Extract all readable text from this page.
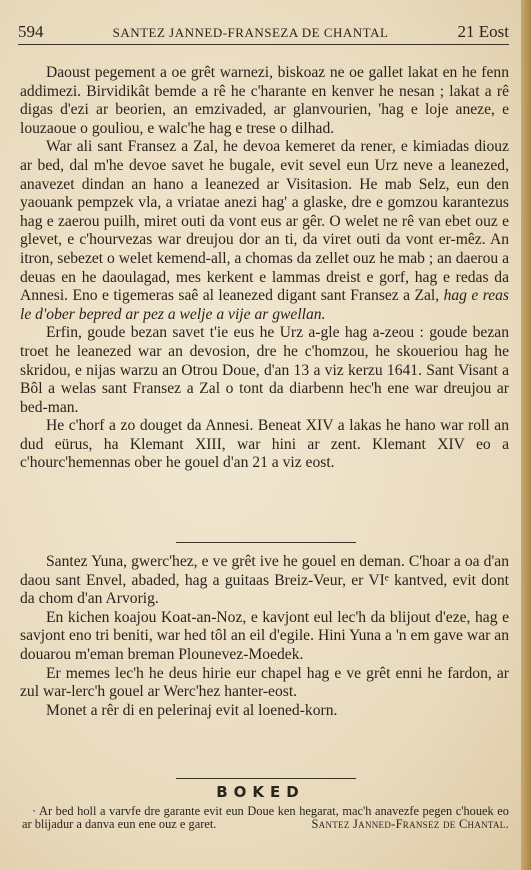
594	SANTEZ JANNED-FRANSEZA DE CHANTAL	21 Eost

Daoust pegement a oe grêt warnezi, biskoaz ne oe gallet lakat en he fenn addimezi. Birvidikât bemde a rê he c'harante en kenver he nesan ; lakat a rê digas d'ezi ar beorien, an emzivaded, ar glanvourien, 'hag e loje aneze, e louzaoue o gouliou, e walc'he hag e trese o dilhad.

War ali sant Fransez a Zal, he devoa kemeret da rener, e kimiadas diouz ar bed, dal m'he devoe savet he bugale, evit sevel eun Urz neve a leanezed, anavezet dindan an hano a leanezed ar Visitasion. He mab Selz, eun den yaouank pempzek vla, a vriatae anezi hag' a glaske, dre e gomzou karantezus hag e zaerou puilh, miret outi da vont eus ar gêr. O welet ne rê van ebet ouz e glevet, e c'hourvezas war dreujou dor an ti, da viret outi da vont er-mêz. An itron, sebezet o welet kemend-all, a chomas da zellet ouz he mab ; an daerou a deuas en he daoulagad, mes kerkent e lammas dreist e gorf, hag e redas da Annesi. Eno e tigemeras saê al leanezed digant sant Fransez a Zal, hag e reas le d'ober bepred ar pez a welje a vije ar gwellan.

Erfin, goude bezan savet t'ie eus he Urz a-gle hag a-zeou : goude bezan troet he leanezed war an devosion, dre he c'homzou, he skoueriou hag he skridou, e nijas warzu an Otrou Doue, d'an 13 a viz kerzu 1641. Sant Visant a Bôl a welas sant Fransez a Zal o tont da diarbenn hec'h ene war dreujou ar bed-man.

He c'horf a zo douget da Annesi. Beneat XIV a lakas he hano war roll an dud eürus, ha Klemant XIII, war hini ar zent. Klemant XIV eo a c'hourc'hemennas ober he gouel d'an 21 a viz eost.

Santez Yuna, gwerc'hez, e ve grêt ive he gouel en deman. C'hoar a oa d'an daou sant Envel, abaded, hag a guitaas Breiz-Veur, er VIᵉ kantved, evit dont da chom d'an Arvorig.

En kichen koajou Koat-an-Noz, e kavjont eul lec'h da blijout d'eze, hag e savjont eno tri beniti, war hed tôl an eil d'egile. Hini Yuna a 'n em gave war an douarou m'eman breman Plounevez-Moedek.

Er memes lec'h he deus hirie eur chapel hag e ve grêt enni he fardon, ar zul war-lerc'h gouel ar Werc'hez hanter-eost.

Monet a rêr di en pelerinaj evit al loened-korn.

BOKED

· Ar bed holl a varvfe dre garante evit eun Doue ken hegarat, mac'h anavezfe pegen c'houek eo ar blijadur a danva eun ene ouz e garet.	Santez Janned-Fransez de Chantal.
